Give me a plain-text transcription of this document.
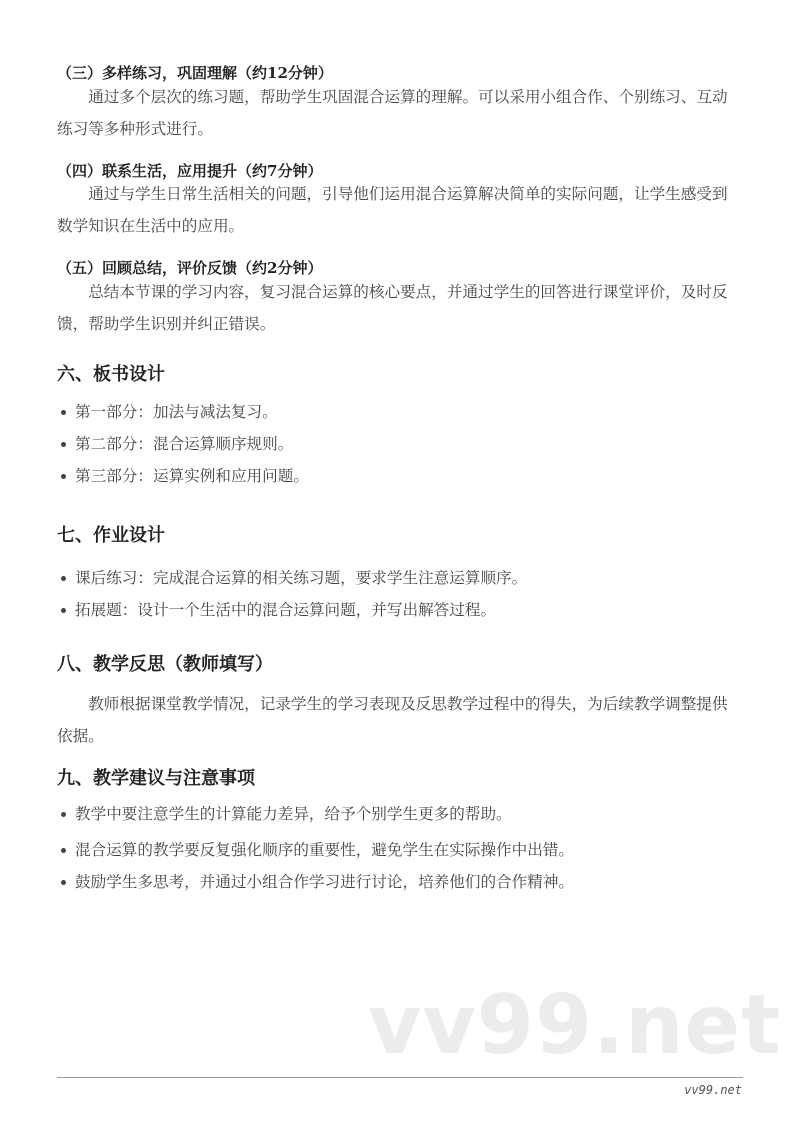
（三）多样练习，巩固理解（约12分钟）
通过多个层次的练习题，帮助学生巩固混合运算的理解。可以采用小组合作、个别练习、互动练习等多种形式进行。
（四）联系生活，应用提升（约7分钟）
通过与学生日常生活相关的问题，引导他们运用混合运算解决简单的实际问题，让学生感受到数学知识在生活中的应用。
（五）回顾总结，评价反馈（约2分钟）
总结本节课的学习内容，复习混合运算的核心要点，并通过学生的回答进行课堂评价，及时反馈，帮助学生识别并纠正错误。
六、板书设计
第一部分：加法与减法复习。
第二部分：混合运算顺序规则。
第三部分：运算实例和应用问题。
七、作业设计
课后练习：完成混合运算的相关练习题，要求学生注意运算顺序。
拓展题：设计一个生活中的混合运算问题，并写出解答过程。
八、教学反思（教师填写）
教师根据课堂教学情况，记录学生的学习表现及反思教学过程中的得失，为后续教学调整提供依据。
九、教学建议与注意事项
教学中要注意学生的计算能力差异，给予个别学生更多的帮助。
混合运算的教学要反复强化顺序的重要性，避免学生在实际操作中出错。
鼓励学生多思考，并通过小组合作学习进行讨论，培养他们的合作精神。
vv99.net
vv99.net
